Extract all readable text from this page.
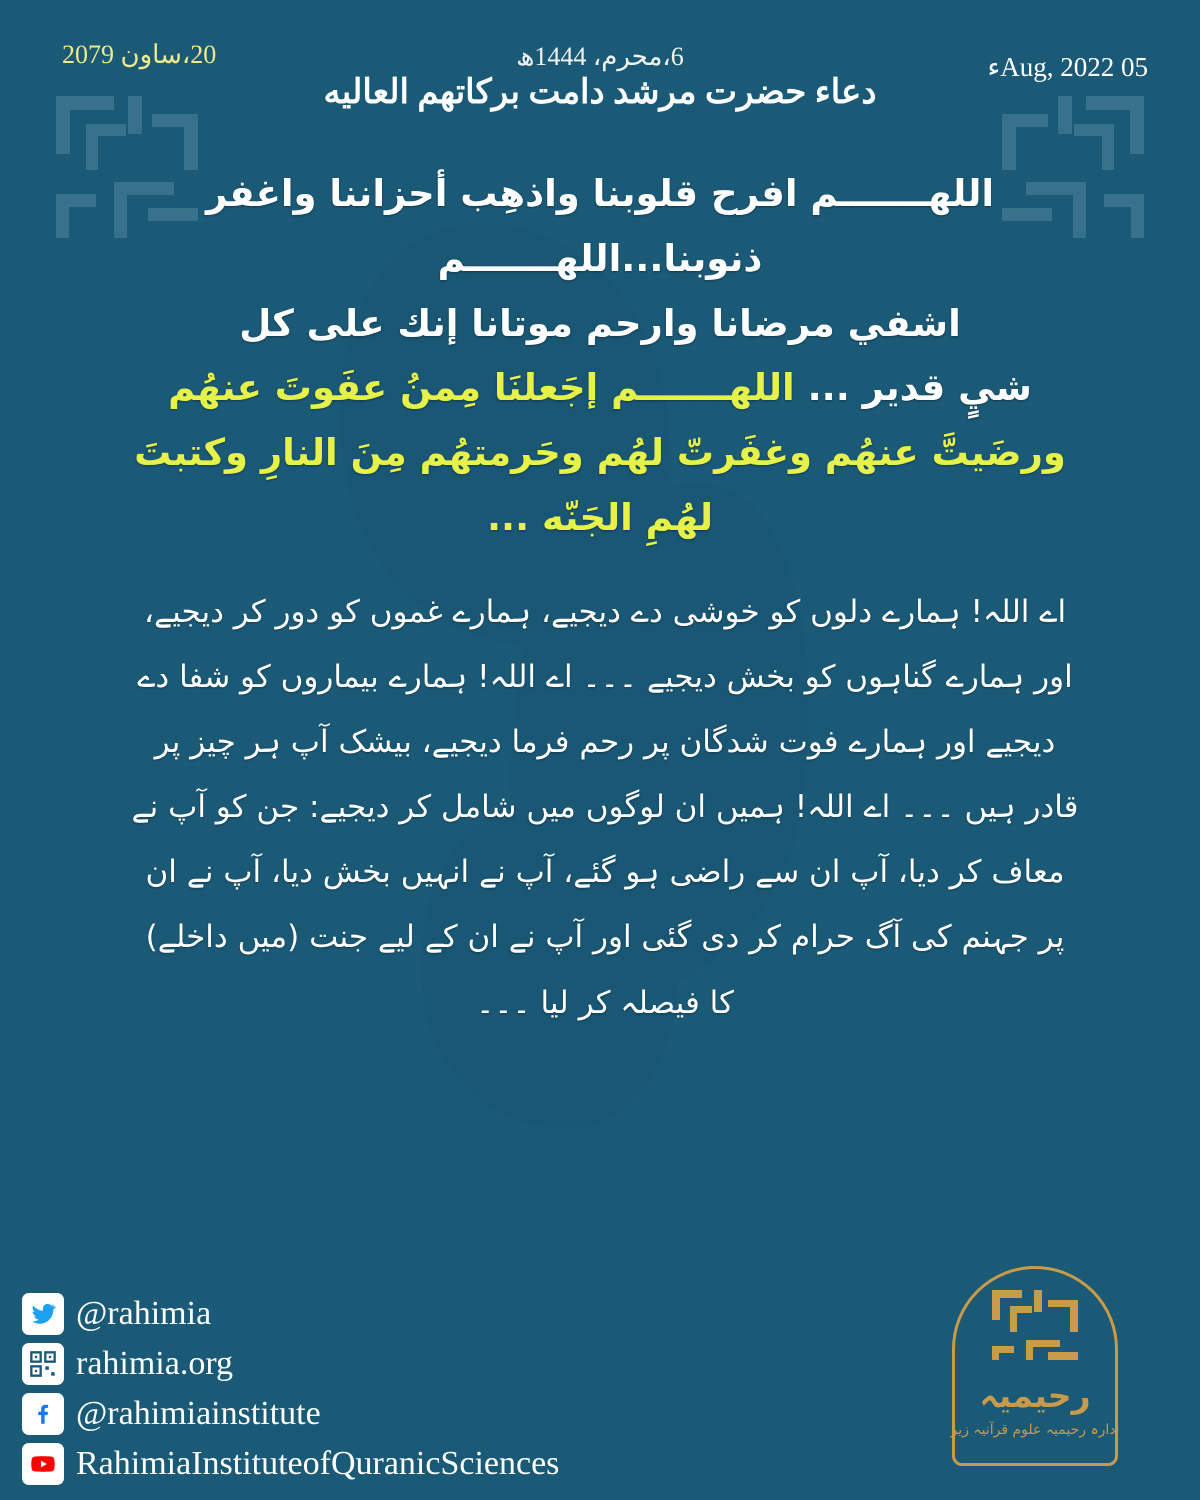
20،ساون 2079	6،محرم، 1444ھ	05 Aug, 2022ء
دعاء حضرت مرشد دامت بركاتهم العاليه
اللهـــــــم افرح قلوبنا واذهِب أحزاننا واغفر ذنوبنا...اللهـــــــم
اشفي مرضانا وارحم موتانا إنك على كل
شيٍ قدير ... اللهـــــــم إجَعلنَا مِمنُ عفَوتَ عنهُم
ورضَيتَّ عنهُم وغفَرتّ لهُم وحَرمتهُم مِنَ النارِ وكتبتَ
لهُمِ الجَنّه ...
اے اللہ! ہمارے دلوں کو خوشی دے دیجیے، ہمارے غموں کو دور کر دیجیے، اور ہمارے گناہوں کو بخش دیجیے ۔۔۔ اے اللہ! ہمارے بیماروں کو شفا دے دیجیے اور ہمارے فوت شدگان پر رحم فرما دیجیے، بیشک آپ ہر چیز پر قادر ہیں ۔۔۔ اے اللہ! ہمیں ان لوگوں میں شامل کر دیجیے: جن کو آپ نے معاف کر دیا، آپ ان سے راضی ہو گئے، آپ نے انہیں بخش دیا، آپ نے ان پر جہنم کی آگ حرام کر دی گئی اور آپ نے ان کے لیے جنت (میں داخلے) کا فیصلہ کر لیا ۔۔۔
@rahimia
rahimia.org
@rahimiainstitute
RahimiaInstituteofQuranicSciences
رحیمیہ
ادارہ رحیمیہ علوم قرآنیہ زیر
